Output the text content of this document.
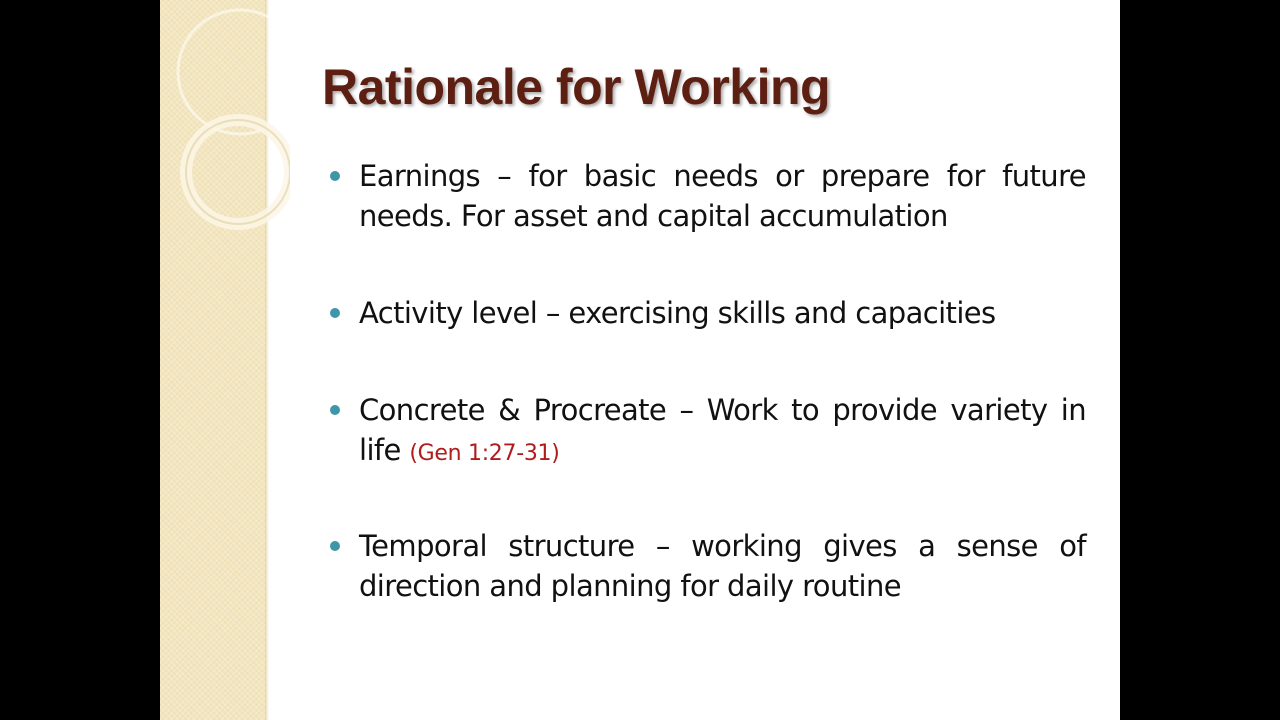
Rationale for Working
Earnings – for basic needs or prepare for future needs. For asset and capital accumulation
Activity level – exercising skills and capacities
Concrete & Procreate – Work to provide variety in life (Gen 1:27-31)
Temporal structure – working gives a sense of direction and planning for daily routine
